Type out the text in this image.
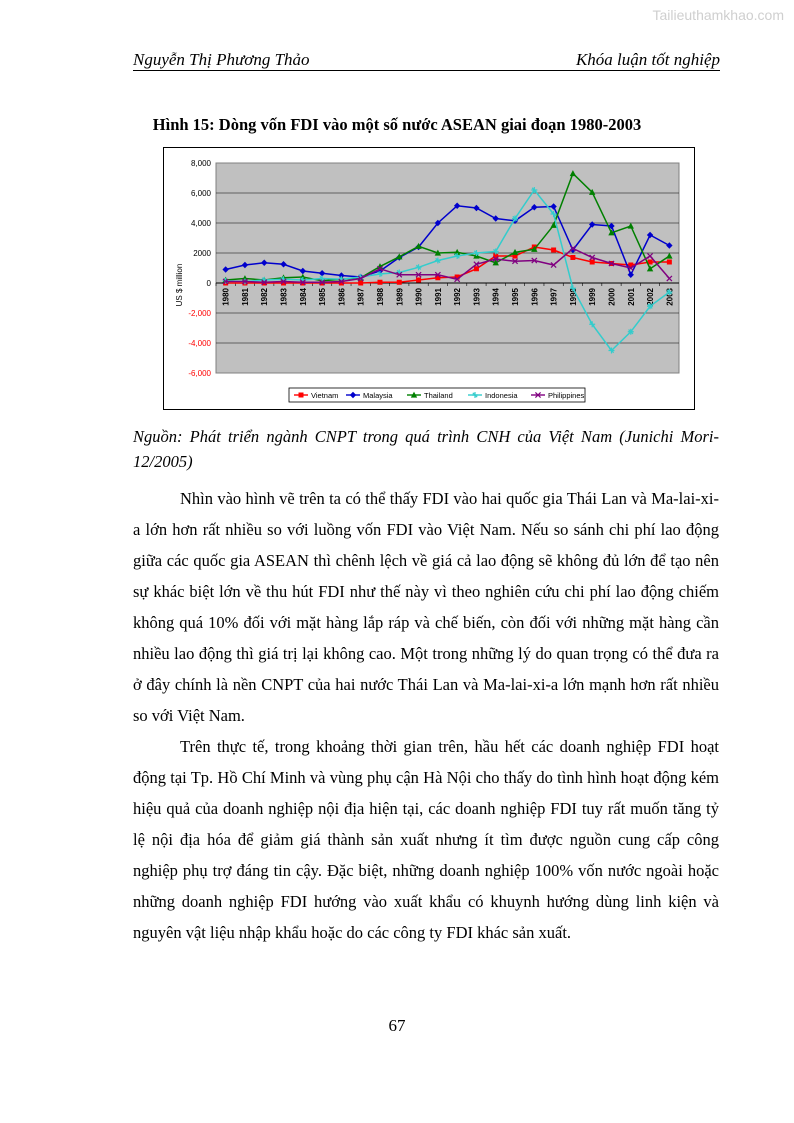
Tailieuthamkhao.com
Nguyễn Thị Phương Thảo	Khóa luận tốt nghiệp
Hình 15: Dòng vốn FDI vào một số nước ASEAN giai đoạn 1980-2003
8,000
6,000
4,000
2000
0
-2,000
-4,000
-6,000
US $ million	1980 1981 1982 1983 1984 1985 1986 1987 1988 1989 1990 1991 1992 1993 1994 1995 1996 1997 1998 1999 2000 2001 2002 2003
Vietnam	Malaysia	Thailand	Indonesia	Philippines
Nguồn: Phát triển ngành CNPT trong quá trình CNH của Việt Nam (Junichi Mori-12/2005)

Nhìn vào hình vẽ trên ta có thể thấy FDI vào hai quốc gia Thái Lan và Ma-lai-xi-a lớn hơn rất nhiều so với luồng vốn FDI vào Việt Nam. Nếu so sánh chi phí lao động giữa các quốc gia ASEAN thì chênh lệch về giá cả lao động sẽ không đủ lớn để tạo nên sự khác biệt lớn về thu hút FDI như thế này vì theo nghiên cứu chi phí lao động chiếm không quá 10% đối với mặt hàng lắp ráp và chế biến, còn đối với những mặt hàng cần nhiều lao động thì giá trị lại không cao. Một trong những lý do quan trọng có thể đưa ra ở đây chính là nền CNPT của hai nước Thái Lan và Ma-lai-xi-a lớn mạnh hơn rất nhiều so với Việt Nam.

Trên thực tế, trong khoảng thời gian trên, hầu hết các doanh nghiệp FDI hoạt động tại Tp. Hồ Chí Minh và vùng phụ cận Hà Nội cho thấy do tình hình hoạt động kém hiệu quả của doanh nghiệp nội địa hiện tại, các doanh nghiệp FDI tuy rất muốn tăng tỷ lệ nội địa hóa để giảm giá thành sản xuất nhưng ít tìm được nguồn cung cấp công nghiệp phụ trợ đáng tin cậy. Đặc biệt, những doanh nghiệp 100% vốn nước ngoài hoặc những doanh nghiệp FDI hướng vào xuất khẩu có khuynh hướng dùng linh kiện và nguyên vật liệu nhập khẩu hoặc do các công ty FDI khác sản xuất.

67
